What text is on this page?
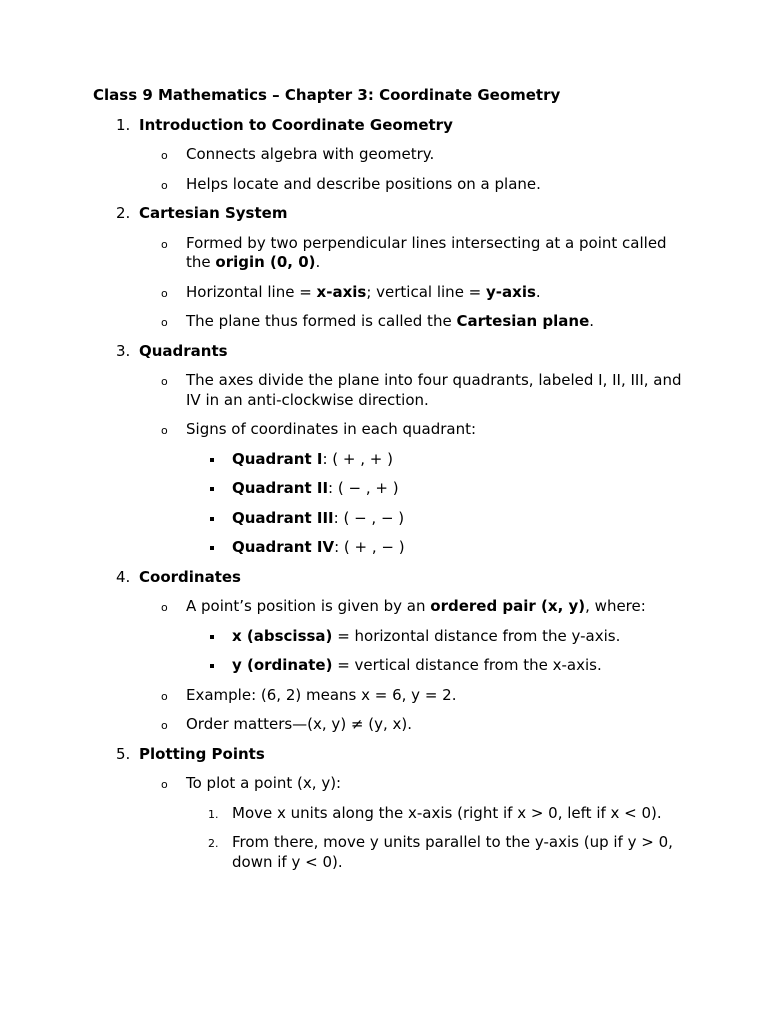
Class 9 Mathematics – Chapter 3: Coordinate Geometry
1. Introduction to Coordinate Geometry
o Connects algebra with geometry.
o Helps locate and describe positions on a plane.
2. Cartesian System
o Formed by two perpendicular lines intersecting at a point called the origin (0, 0).
o Horizontal line = x-axis; vertical line = y-axis.
o The plane thus formed is called the Cartesian plane.
3. Quadrants
o The axes divide the plane into four quadrants, labeled I, II, III, and IV in an anti-clockwise direction.
o Signs of coordinates in each quadrant:
Quadrant I: ( + , + )
Quadrant II: ( − , + )
Quadrant III: ( − , − )
Quadrant IV: ( + , − )
4. Coordinates
o A point’s position is given by an ordered pair (x, y), where:
x (abscissa) = horizontal distance from the y-axis.
y (ordinate) = vertical distance from the x-axis.
o Example: (6, 2) means x = 6, y = 2.
o Order matters—(x, y) ≠ (y, x).
5. Plotting Points
o To plot a point (x, y):
1. Move x units along the x-axis (right if x > 0, left if x < 0).
2. From there, move y units parallel to the y-axis (up if y > 0, down if y < 0).
